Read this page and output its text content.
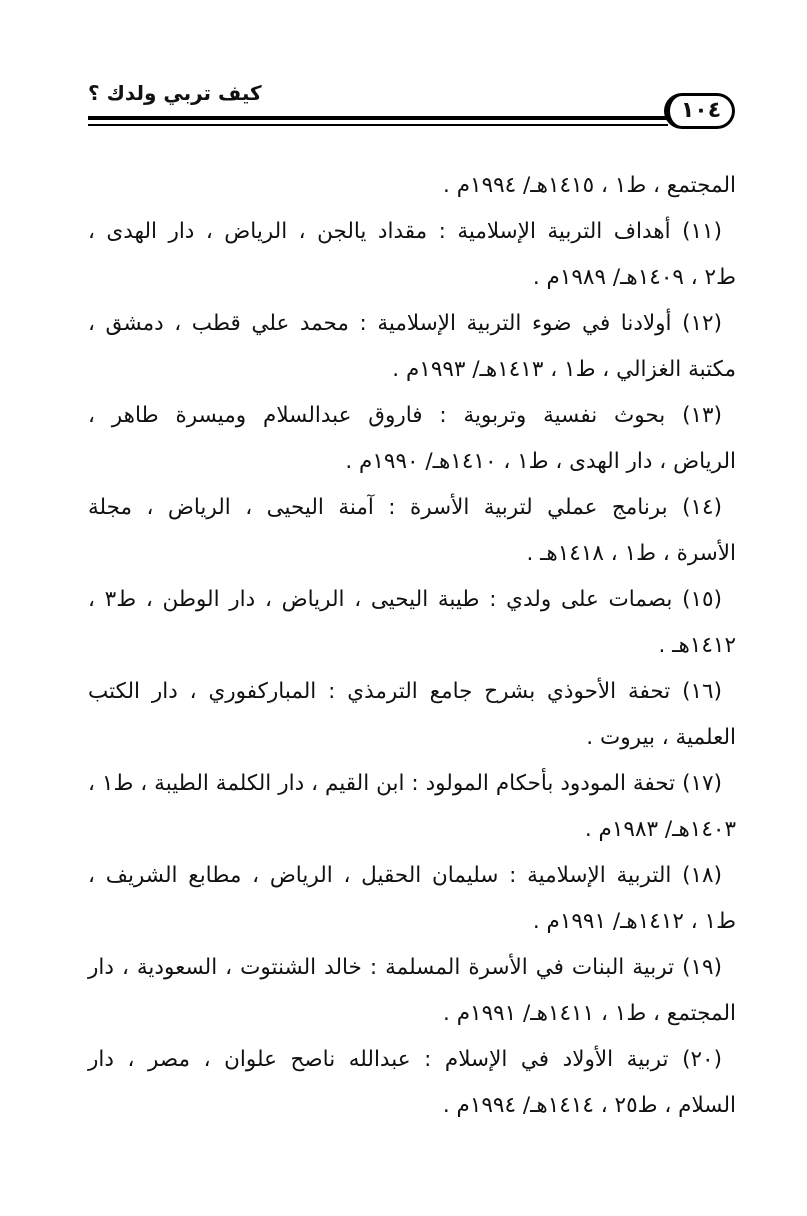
كيف تربي ولدك ؟
١٠٤
المجتمع ، ط١ ، ١٤١٥هـ/ ١٩٩٤م .
(١١) أهداف التربية الإسلامية : مقداد يالجن ، الرياض ، دار الهدى ،
ط٢ ، ١٤٠٩هـ/ ١٩٨٩م .
(١٢) أولادنا في ضوء التربية الإسلامية : محمد علي قطب ، دمشق ،
مكتبة الغزالي ، ط١ ، ١٤١٣هـ/ ١٩٩٣م .
(١٣) بحوث نفسية وتربوية : فاروق عبدالسلام وميسرة طاهر ،
الرياض ، دار الهدى ، ط١ ، ١٤١٠هـ/ ١٩٩٠م .
(١٤) برنامج عملي لتربية الأسرة : آمنة اليحيى ، الرياض ، مجلة
الأسرة ، ط١ ، ١٤١٨هـ .
(١٥) بصمات على ولدي : طيبة اليحيى ، الرياض ، دار الوطن ، ط٣ ،
١٤١٢هـ .
(١٦) تحفة الأحوذي بشرح جامع الترمذي : المباركفوري ، دار الكتب
العلمية ، بيروت .
(١٧) تحفة المودود بأحكام المولود : ابن القيم ، دار الكلمة الطيبة ، ط١ ،
١٤٠٣هـ/ ١٩٨٣م .
(١٨) التربية الإسلامية : سليمان الحقيل ، الرياض ، مطابع الشريف ،
ط١ ، ١٤١٢هـ/ ١٩٩١م .
(١٩) تربية البنات في الأسرة المسلمة : خالد الشنتوت ، السعودية ، دار
المجتمع ، ط١ ، ١٤١١هـ/ ١٩٩١م .
(٢٠) تربية الأولاد في الإسلام : عبدالله ناصح علوان ، مصر ، دار
السلام ، ط٢٥ ، ١٤١٤هـ/ ١٩٩٤م .
